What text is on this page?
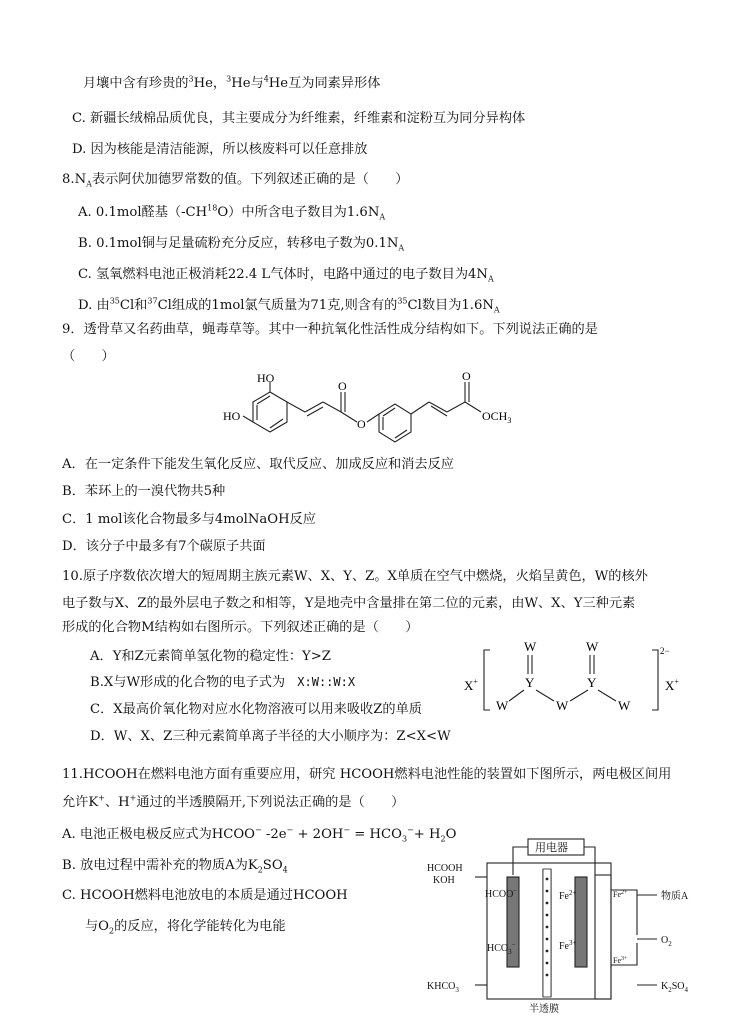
月壤中含有珍贵的$^3$He，$^3$He与$^4$He互为同素异形体
C. 新疆长绒棉品质优良，其主要成分为纤维素，纤维素和淀粉互为同分异构体
D. 因为核能是清洁能源，所以核废料可以任意排放
$8.N_A$表示阿伏加德罗常数的值。下列叙述正确的是（　　）
A. 0.1mol醛基（-CH$^{18}$O）中所含电子数目为$1.6N_A$
B. 0.1mol铜与足量硫粉充分反应，转移电子数为$0.1N_A$
C. 氢氧燃料电池正极消耗22.4 L气体时，电路中通过的电子数目为$4N_A$
D. 由$^{35}$Cl和$^{37}$Cl组成的1mol氯气质量为71克,则含有的$^{35}$Cl数目为$1.6N_A$
9．透骨草又名药曲草，蝇毒草等。其中一种抗氧化性活性成分结构如下。下列说法正确的是
（　　）
HO
HO
O
O
O
$OCH_3$
A．在一定条件下能发生氧化反应、取代反应、加成反应和消去反应
B．苯环上的一溴代物共5种
C．1 mol该化合物最多与4molNaOH反应
D．该分子中最多有7个碳原子共面
10.原子序数依次增大的短周期主族元素W、X、Y、Z。X单质在空气中燃烧，火焰呈黄色，W的核外
电子数与X、Z的最外层电子数之和相等，Y是地壳中含量排在第二位的元素，由W、X、Y三种元素
形成的化合物M结构如右图所示。下列叙述正确的是（　　）
A．Y和Z元素简单氢化物的稳定性：Y>Z
B.X与W形成的化合物的电子式为 X:W::W:X
C．X最高价氧化物对应水化物溶液可以用来吸收Z的单质
D．W、X、Z三种元素简单离子半径的大小顺序为：Z<X<W
X+
W	W
Y	Y
W	W	W
2−
X+
11.HCOOH在燃料电池方面有重要应用，研究 HCOOH燃料电池性能的装置如下图所示，两电极区间用
允许K+、H+通过的半透膜隔开,下列说法正确的是（　　）
A. 电池正极电极反应式为HCOO− $-2e^- + 2OH^- = HCO_3^-+ H_2O$
B. 放电过程中需补充的物质A为$K_2SO_4$
C. HCOOH燃料电池放电的本质是通过HCOOH
与$O_2$的反应，将化学能转化为电能
用电器
HCOOH
KOH
HCOO−
$HCO_3^-$
$Fe^{2+}$
$Fe^{3+}$
$Fe^{2+}$
$Fe^{3+}$
物质A
$O_2$
$KHCO_3$	$K_2SO_4$
半透膜
